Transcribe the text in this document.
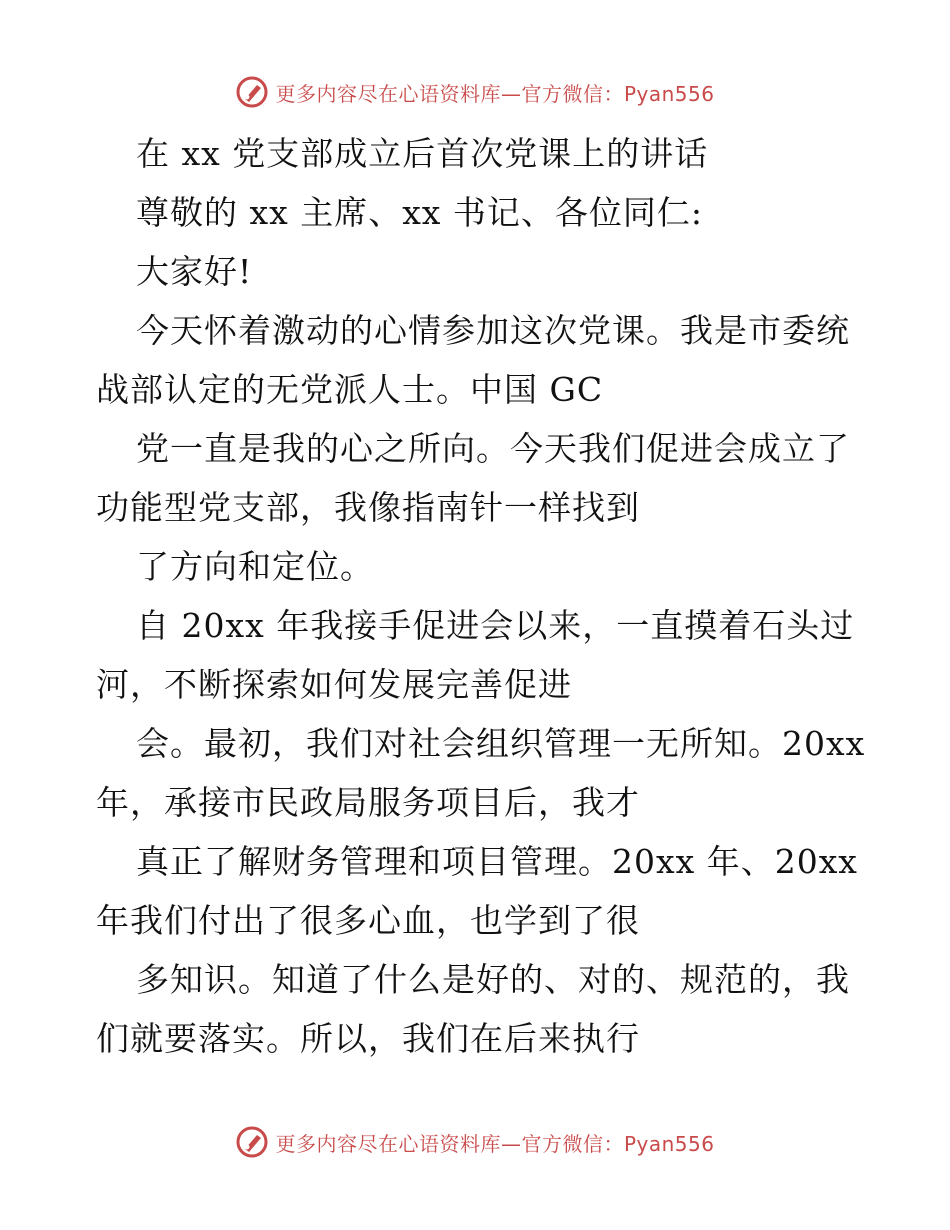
更多内容尽在心语资料库—官方微信：Pyan556
在 xx 党支部成立后首次党课上的讲话
尊敬的 xx 主席、xx 书记、各位同仁:
大家好!
今天怀着激动的心情参加这次党课。我是市委统
战部认定的无党派人士。中国 GC
党一直是我的心之所向。今天我们促进会成立了
功能型党支部，我像指南针一样找到
了方向和定位。
自 20xx 年我接手促进会以来，一直摸着石头过
河，不断探索如何发展完善促进
会。最初，我们对社会组织管理一无所知。20xx
年，承接市民政局服务项目后，我才
真正了解财务管理和项目管理。20xx 年、20xx
年我们付出了很多心血，也学到了很
多知识。知道了什么是好的、对的、规范的，我
们就要落实。所以，我们在后来执行
更多内容尽在心语资料库—官方微信：Pyan556
